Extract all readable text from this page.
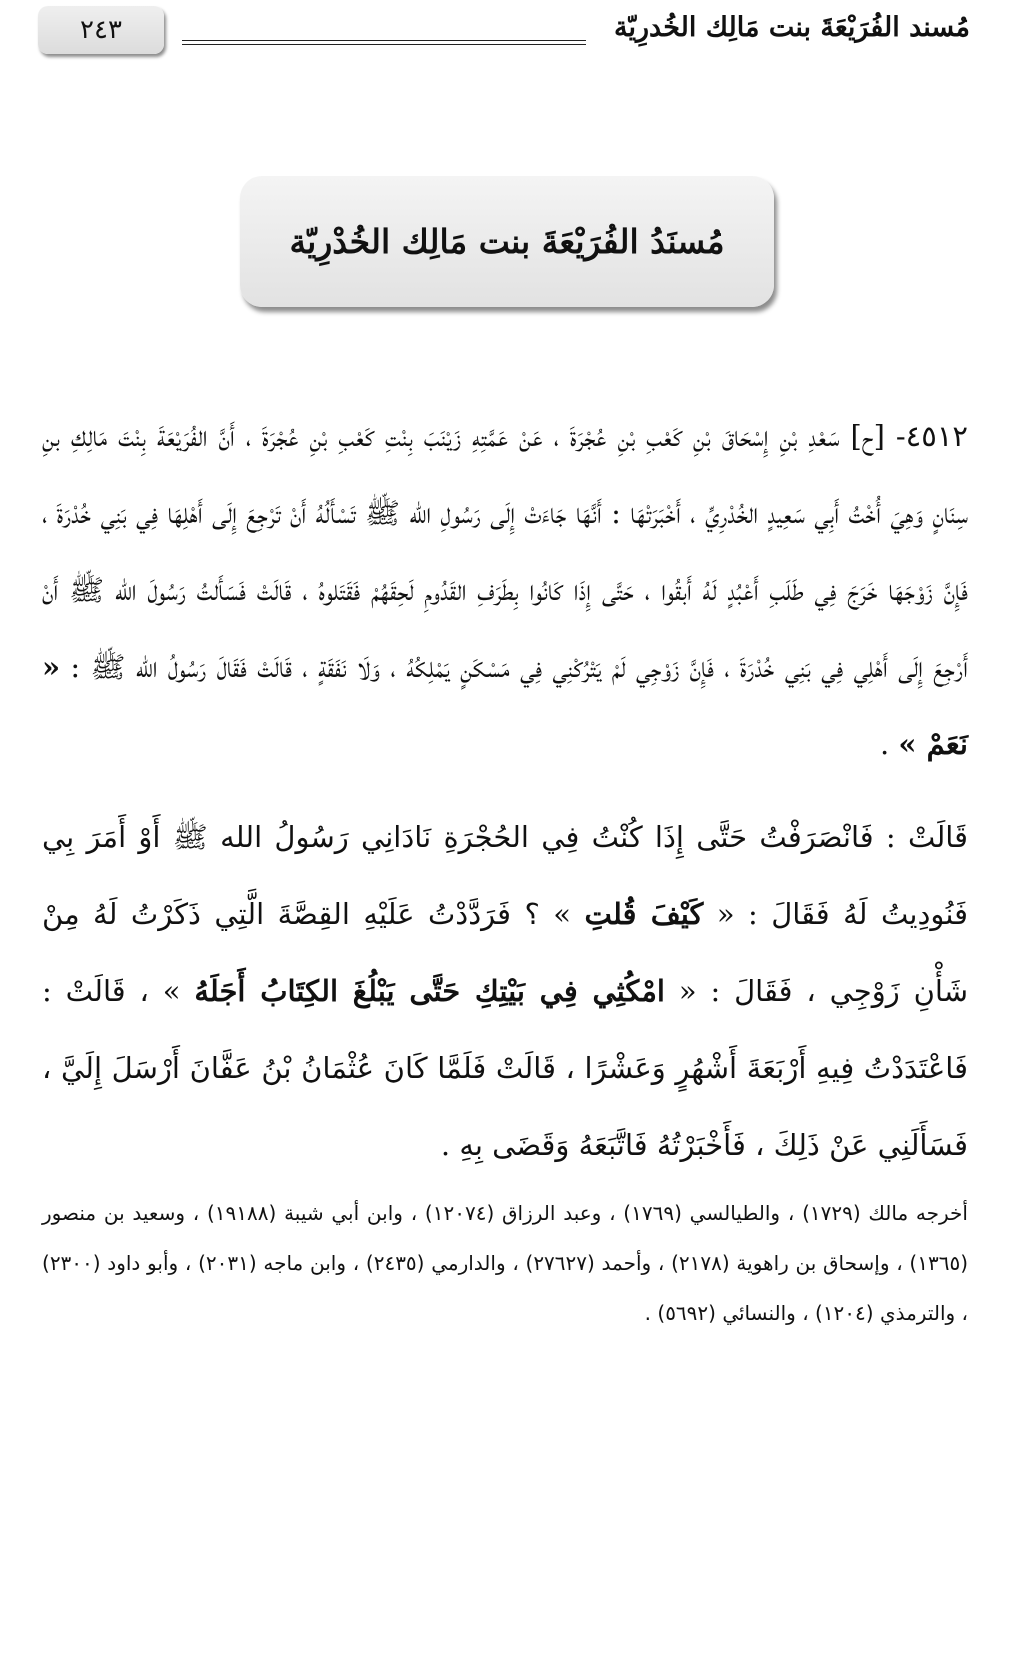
٢٤٣	مُسند الفُرَيْعَةَ بنت مَالِك الخُدرِيّة
مُسنَدُ الفُرَيْعَةَ بنت مَالِك الخُدْرِيّة

٤٥١٢- [ح] سَعْدِ بْنِ إِسْحَاقَ بْنِ كَعْبِ بْنِ عُجْرَةَ ، عَنْ عَمَّتِهِ زَيْنَبَ بِنْتِ كَعْبِ بْنِ عُجْرَةَ ، أَنَّ الفُرَيْعَةَ بِنْتَ مَالِكِ بنِ سِنَانٍ وَهِيَ أُخْتُ أَبِي سَعِيدٍ الخُدْرِيِّ ، أَخْبَرَتْهَا : أَنَّهَا جَاءَتْ إِلَى رَسُولِ الله ﷺ تَسْأَلُهُ أَنْ تَرْجِعَ إِلَى أَهْلِهَا فِي بَنِي خُدْرَةَ ، فَإِنَّ زَوْجَهَا خَرَجَ فِي طَلَبِ أَعْبُدٍ لَهُ أَبقُوا ، حَتَّى إِذَا كَانُوا بِطَرَفِ القَدُومِ لَحِقَهُمْ فَقَتَلوهُ ، قَالَتْ فَسَأَلتُ رَسُولَ الله ﷺ أَنْ أَرْجِعَ إِلَى أَهْلِي فِي بَنِي خُدْرَةَ ، فَإِنَّ زَوْجِي لَمْ يَتْرُكْنِي فِي مَسْكَنٍ يَمْلِكُهُ ، وَلَا نَفَقَةٍ ، قَالَتْ فَقَالَ رَسُولُ الله ﷺ : « نَعَمْ » .

قَالَتْ : فَانْصَرَفْتُ حَتَّى إِذَا كُنْتُ فِي الحُجْرَةِ نَادَانِي رَسُولُ الله ﷺ أَوْ أَمَرَ بِي فَنُودِيتُ لَهُ فَقَالَ : « كَيْفَ قُلتِ » ؟ فَرَدَّدْتُ عَلَيْهِ القِصَّةَ الَّتِي ذَكَرْتُ لَهُ مِنْ شَأْنِ زَوْجِي ، فَقَالَ : « امْكُثِي فِي بَيْتِكِ حَتَّى يَبْلُغَ الكِتَابُ أَجَلَهُ » ، قَالَتْ : فَاعْتَدَدْتُ فِيهِ أَرْبَعَةَ أَشْهُرٍ وَعَشْرًا ، قَالَتْ فَلَمَّا كَانَ عُثْمَانُ بْنُ عَفَّانَ أَرْسَلَ إِلَيَّ ، فَسَأَلَنِي عَنْ ذَلِكَ ، فَأَخْبَرْتُهُ فَاتَّبَعَهُ وَقَضَى بِهِ .

أخرجه مالك (١٧٢٩) ، والطيالسي (١٧٦٩) ، وعبد الرزاق (١٢٠٧٤) ، وابن أبي شيبة (١٩١٨٨) ، وسعيد بن منصور (١٣٦٥) ، وإسحاق بن راهوية (٢١٧٨) ، وأحمد (٢٧٦٢٧) ، والدارمي (٢٤٣٥) ، وابن ماجه (٢٠٣١) ، وأبو داود (٢٣٠٠) ، والترمذي (١٢٠٤) ، والنسائي (٥٦٩٢) .
